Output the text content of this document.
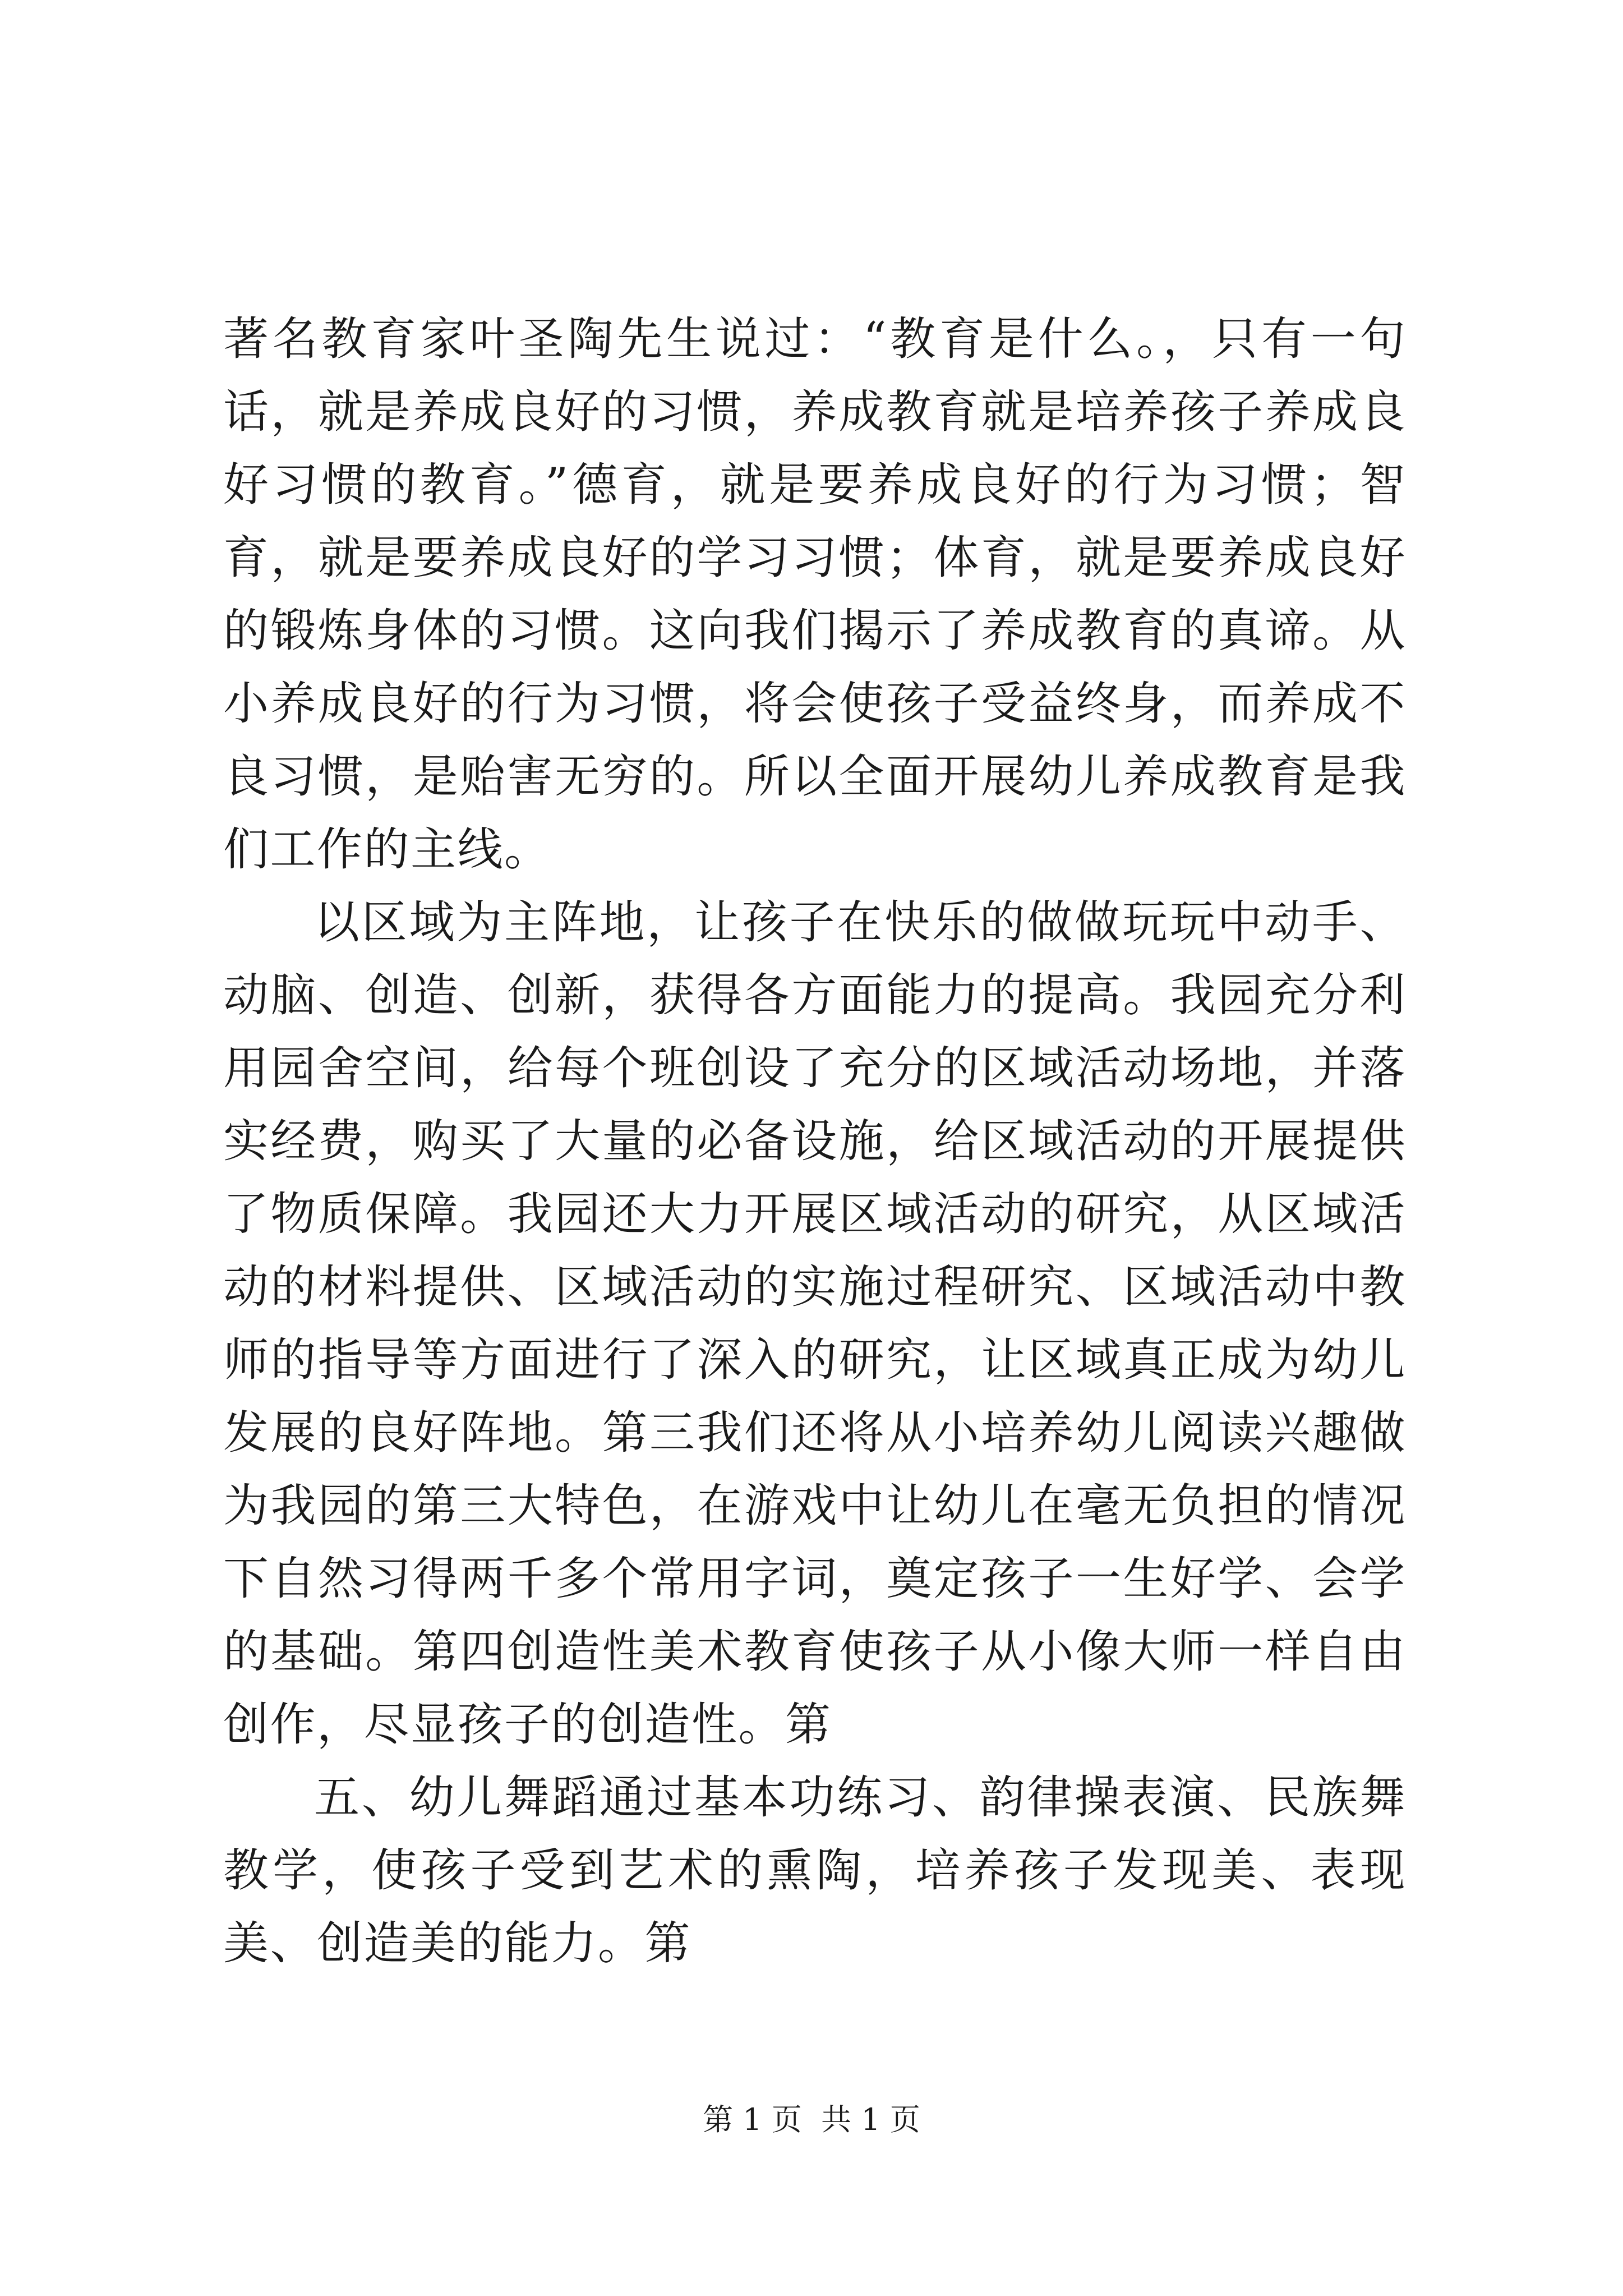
著名教育家叶圣陶先生说过：“教育是什么。，只有一句话，就是养成良好的习惯，养成教育就是培养孩子养成良好习惯的教育。”德育，就是要养成良好的行为习惯；智育，就是要养成良好的学习习惯；体育，就是要养成良好的锻炼身体的习惯。这向我们揭示了养成教育的真谛。从小养成良好的行为习惯，将会使孩子受益终身，而养成不良习惯，是贻害无穷的。所以全面开展幼儿养成教育是我们工作的主线。

以区域为主阵地，让孩子在快乐的做做玩玩中动手、动脑、创造、创新，获得各方面能力的提高。我园充分利用园舍空间，给每个班创设了充分的区域活动场地，并落实经费，购买了大量的必备设施，给区域活动的开展提供了物质保障。我园还大力开展区域活动的研究，从区域活动的材料提供、区域活动的实施过程研究、区域活动中教师的指导等方面进行了深入的研究，让区域真正成为幼儿发展的良好阵地。第三我们还将从小培养幼儿阅读兴趣做为我园的第三大特色，在游戏中让幼儿在毫无负担的情况下自然习得两千多个常用字词，奠定孩子一生好学、会学的基础。第四创造性美术教育使孩子从小像大师一样自由创作，尽显孩子的创造性。第

五、幼儿舞蹈通过基本功练习、韵律操表演、民族舞教学，使孩子受到艺术的熏陶，培养孩子发现美、表现美、创造美的能力。第

第 1 页  共 1 页
